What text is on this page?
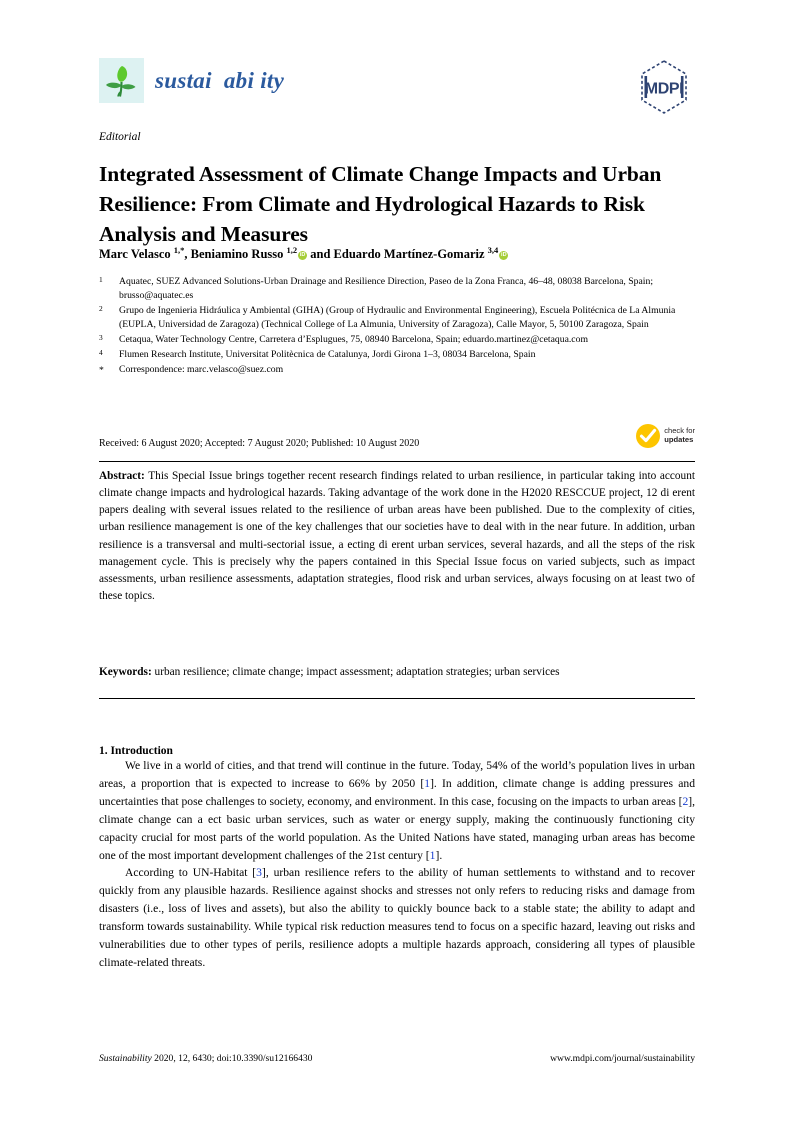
sustai  abi ity	MDPI
Editorial
Integrated Assessment of Climate Change Impacts and Urban Resilience: From Climate and Hydrological Hazards to Risk Analysis and Measures
Marc Velasco $^{1,*}$, Beniamino Russo $^{1,2}$iD and Eduardo Martínez-Gomariz $^{3,4}$iD
1	Aquatec, SUEZ Advanced Solutions-Urban Drainage and Resilience Direction, Paseo de la Zona Franca, 46–48, 08038 Barcelona, Spain; brusso@aquatec.es
2	Grupo de Ingenieria Hidráulica y Ambiental (GIHA) (Group of Hydraulic and Environmental Engineering), Escuela Politécnica de La Almunia (EUPLA, Universidad de Zaragoza) (Technical College of La Almunia, University of Zaragoza), Calle Mayor, 5, 50100 Zaragoza, Spain
3	Cetaqua, Water Technology Centre, Carretera d’Esplugues, 75, 08940 Barcelona, Spain; eduardo.martinez@cetaqua.com
4	Flumen Research Institute, Universitat Politècnica de Catalunya, Jordi Girona 1–3, 08034 Barcelona, Spain
*	Correspondence: marc.velasco@suez.com
Received: 6 August 2020; Accepted: 7 August 2020; Published: 10 August 2020
check for
updates
Abstract: This Special Issue brings together recent research findings related to urban resilience, in particular taking into account climate change impacts and hydrological hazards. Taking advantage of the work done in the H2020 RESCCUE project, 12 di erent papers dealing with several issues related to the resilience of urban areas have been published. Due to the complexity of cities, urban resilience management is one of the key challenges that our societies have to deal with in the near future. In addition, urban resilience is a transversal and multi-sectorial issue, a ecting di erent urban services, several hazards, and all the steps of the risk management cycle. This is precisely why the papers contained in this Special Issue focus on varied subjects, such as impact assessments, urban resilience assessments, adaptation strategies, flood risk and urban services, always focusing on at least two of these topics.
Keywords: urban resilience; climate change; impact assessment; adaptation strategies; urban services
1. Introduction

We live in a world of cities, and that trend will continue in the future. Today, 54% of the world’s population lives in urban areas, a proportion that is expected to increase to 66% by 2050 [1]. In addition, climate change is adding pressures and uncertainties that pose challenges to society, economy, and environment. In this case, focusing on the impacts to urban areas [2], climate change can a ect basic urban services, such as water or energy supply, making the continuously functioning city capacity crucial for most parts of the world population. As the United Nations have stated, managing urban areas has become one of the most important development challenges of the 21st century [1].

According to UN-Habitat [3], urban resilience refers to the ability of human settlements to withstand and to recover quickly from any plausible hazards. Resilience against shocks and stresses not only refers to reducing risks and damage from disasters (i.e., loss of lives and assets), but also the ability to quickly bounce back to a stable state; the ability to adapt and transform towards sustainability. While typical risk reduction measures tend to focus on a specific hazard, leaving out risks and vulnerabilities due to other types of perils, resilience adopts a multiple hazards approach, considering all types of plausible climate-related threats.

Sustainability 2020, 12, 6430; doi:10.3390/su12166430	www.mdpi.com/journal/sustainability
